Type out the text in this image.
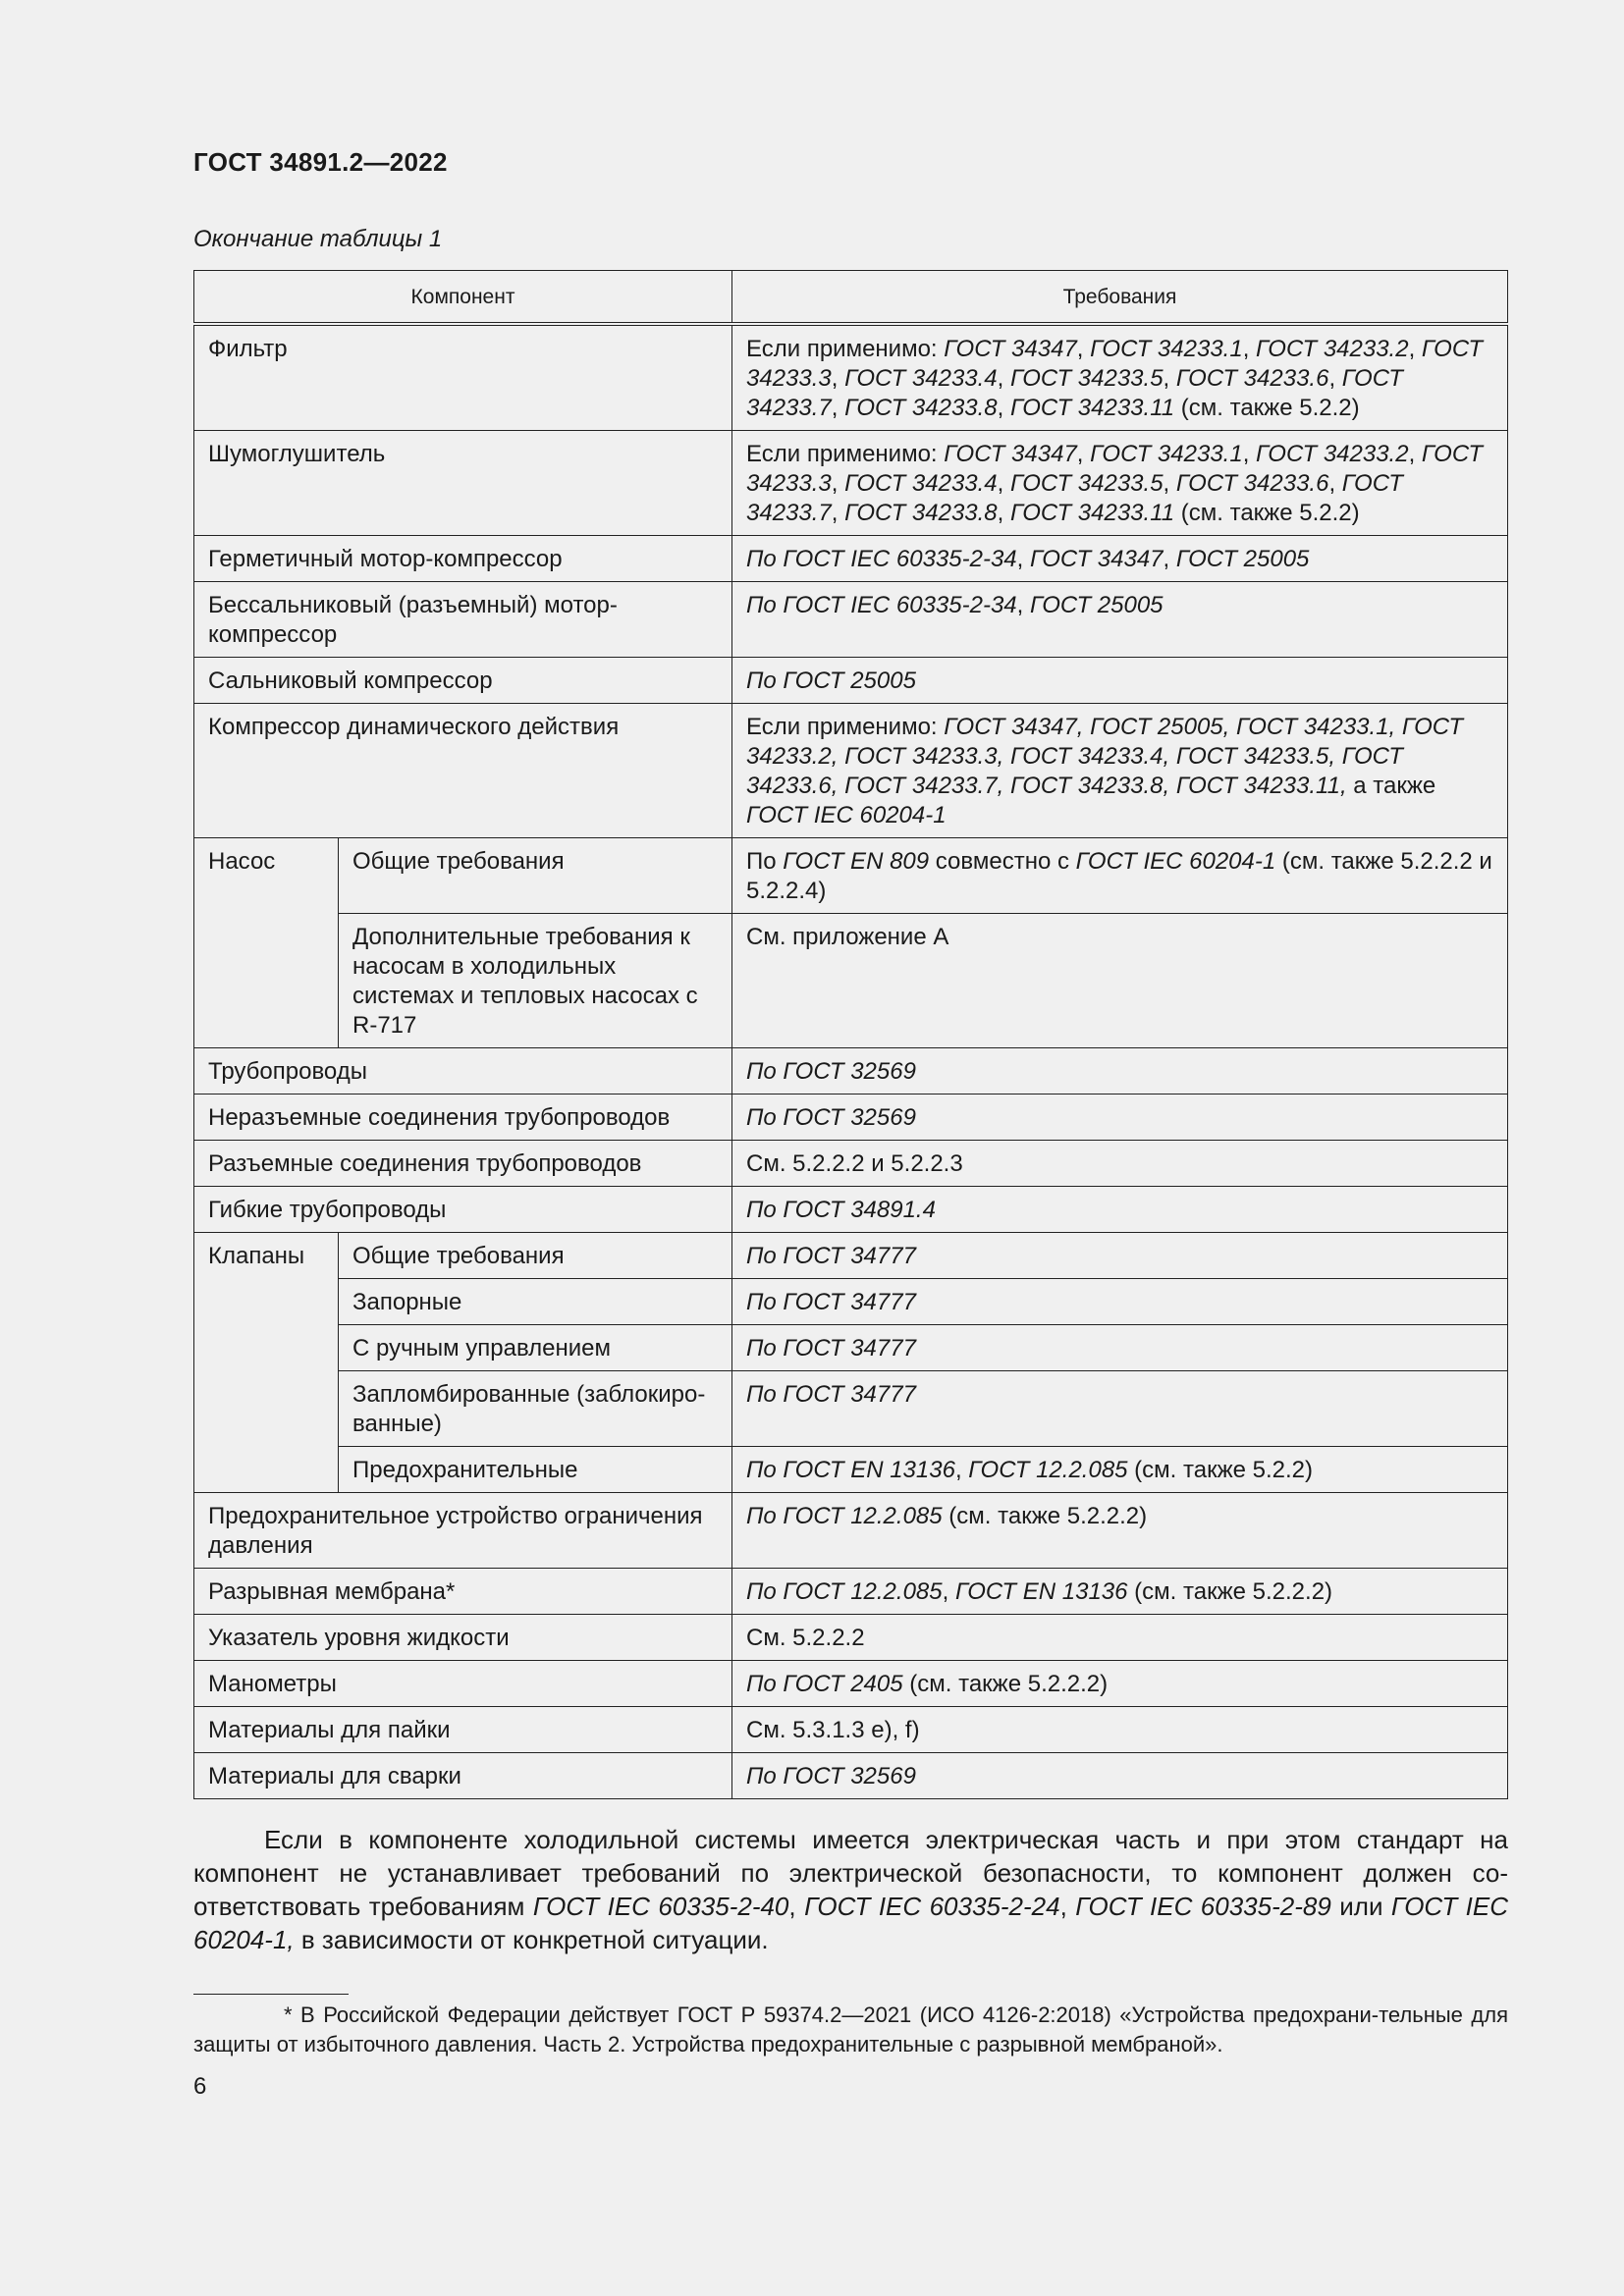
ГОСТ 34891.2—2022
Окончание таблицы 1
Компонент		Требования
Фильтр		Если применимо: ГОСТ 34347, ГОСТ 34233.1, ГОСТ 34233.2, ГОСТ 34233.3, ГОСТ 34233.4, ГОСТ 34233.5, ГОСТ 34233.6, ГОСТ 34233.7, ГОСТ 34233.8, ГОСТ 34233.11 (см. также 5.2.2)
Шумоглушитель		Если применимо: ГОСТ 34347, ГОСТ 34233.1, ГОСТ 34233.2, ГОСТ 34233.3, ГОСТ 34233.4, ГОСТ 34233.5, ГОСТ 34233.6, ГОСТ 34233.7, ГОСТ 34233.8, ГОСТ 34233.11 (см. также 5.2.2)
Герметичный мотор-компрессор		По ГОСТ IEC 60335-2-34, ГОСТ 34347, ГОСТ 25005
Бессальниковый (разъемный) мотор-компрессор		По ГОСТ IEC 60335-2-34, ГОСТ 25005
Сальниковый компрессор		По ГОСТ 25005
Компрессор динамического действия		Если применимо: ГОСТ 34347, ГОСТ 25005, ГОСТ 34233.1, ГОСТ 34233.2, ГОСТ 34233.3, ГОСТ 34233.4, ГОСТ 34233.5, ГОСТ 34233.6, ГОСТ 34233.7, ГОСТ 34233.8, ГОСТ 34233.11, а также ГОСТ IEC 60204-1
Насос	Общие требования	По ГОСТ EN 809 совместно с ГОСТ IEC 60204-1 (см. также 5.2.2.2 и 5.2.2.4)
	Дополнительные требования к насосам в холодильных системах и тепловых насосах с R-717	См. приложение А
Трубопроводы		По ГОСТ 32569
Неразъемные соединения трубопроводов		По ГОСТ 32569
Разъемные соединения трубопроводов		См. 5.2.2.2 и 5.2.2.3
Гибкие трубопроводы		По ГОСТ 34891.4
Клапаны	Общие требования	По ГОСТ 34777
	Запорные	По ГОСТ 34777
	С ручным управлением	По ГОСТ 34777
	Запломбированные (заблокиро-ванные)	По ГОСТ 34777
	Предохранительные	По ГОСТ EN 13136, ГОСТ 12.2.085 (см. также 5.2.2)
Предохранительное устройство ограничения давления		По ГОСТ 12.2.085 (см. также 5.2.2.2)
Разрывная мембрана*		По ГОСТ 12.2.085, ГОСТ EN 13136 (см. также 5.2.2.2)
Указатель уровня жидкости		См. 5.2.2.2
Манометры		По ГОСТ 2405 (см. также 5.2.2.2)
Материалы для пайки		См. 5.3.1.3 e), f)
Материалы для сварки		По ГОСТ 32569

Если в компоненте холодильной системы имеется электрическая часть и при этом стандарт на компонент не устанавливает требований по электрической безопасности, то компонент должен со-ответствовать требованиям ГОСТ IEC 60335-2-40, ГОСТ IEC 60335-2-24, ГОСТ IEC 60335-2-89 или ГОСТ IEC 60204-1, в зависимости от конкретной ситуации.

* В Российской Федерации действует ГОСТ Р 59374.2—2021 (ИСО 4126-2:2018) «Устройства предохрани-тельные для защиты от избыточного давления. Часть 2. Устройства предохранительные с разрывной мембраной».

6
